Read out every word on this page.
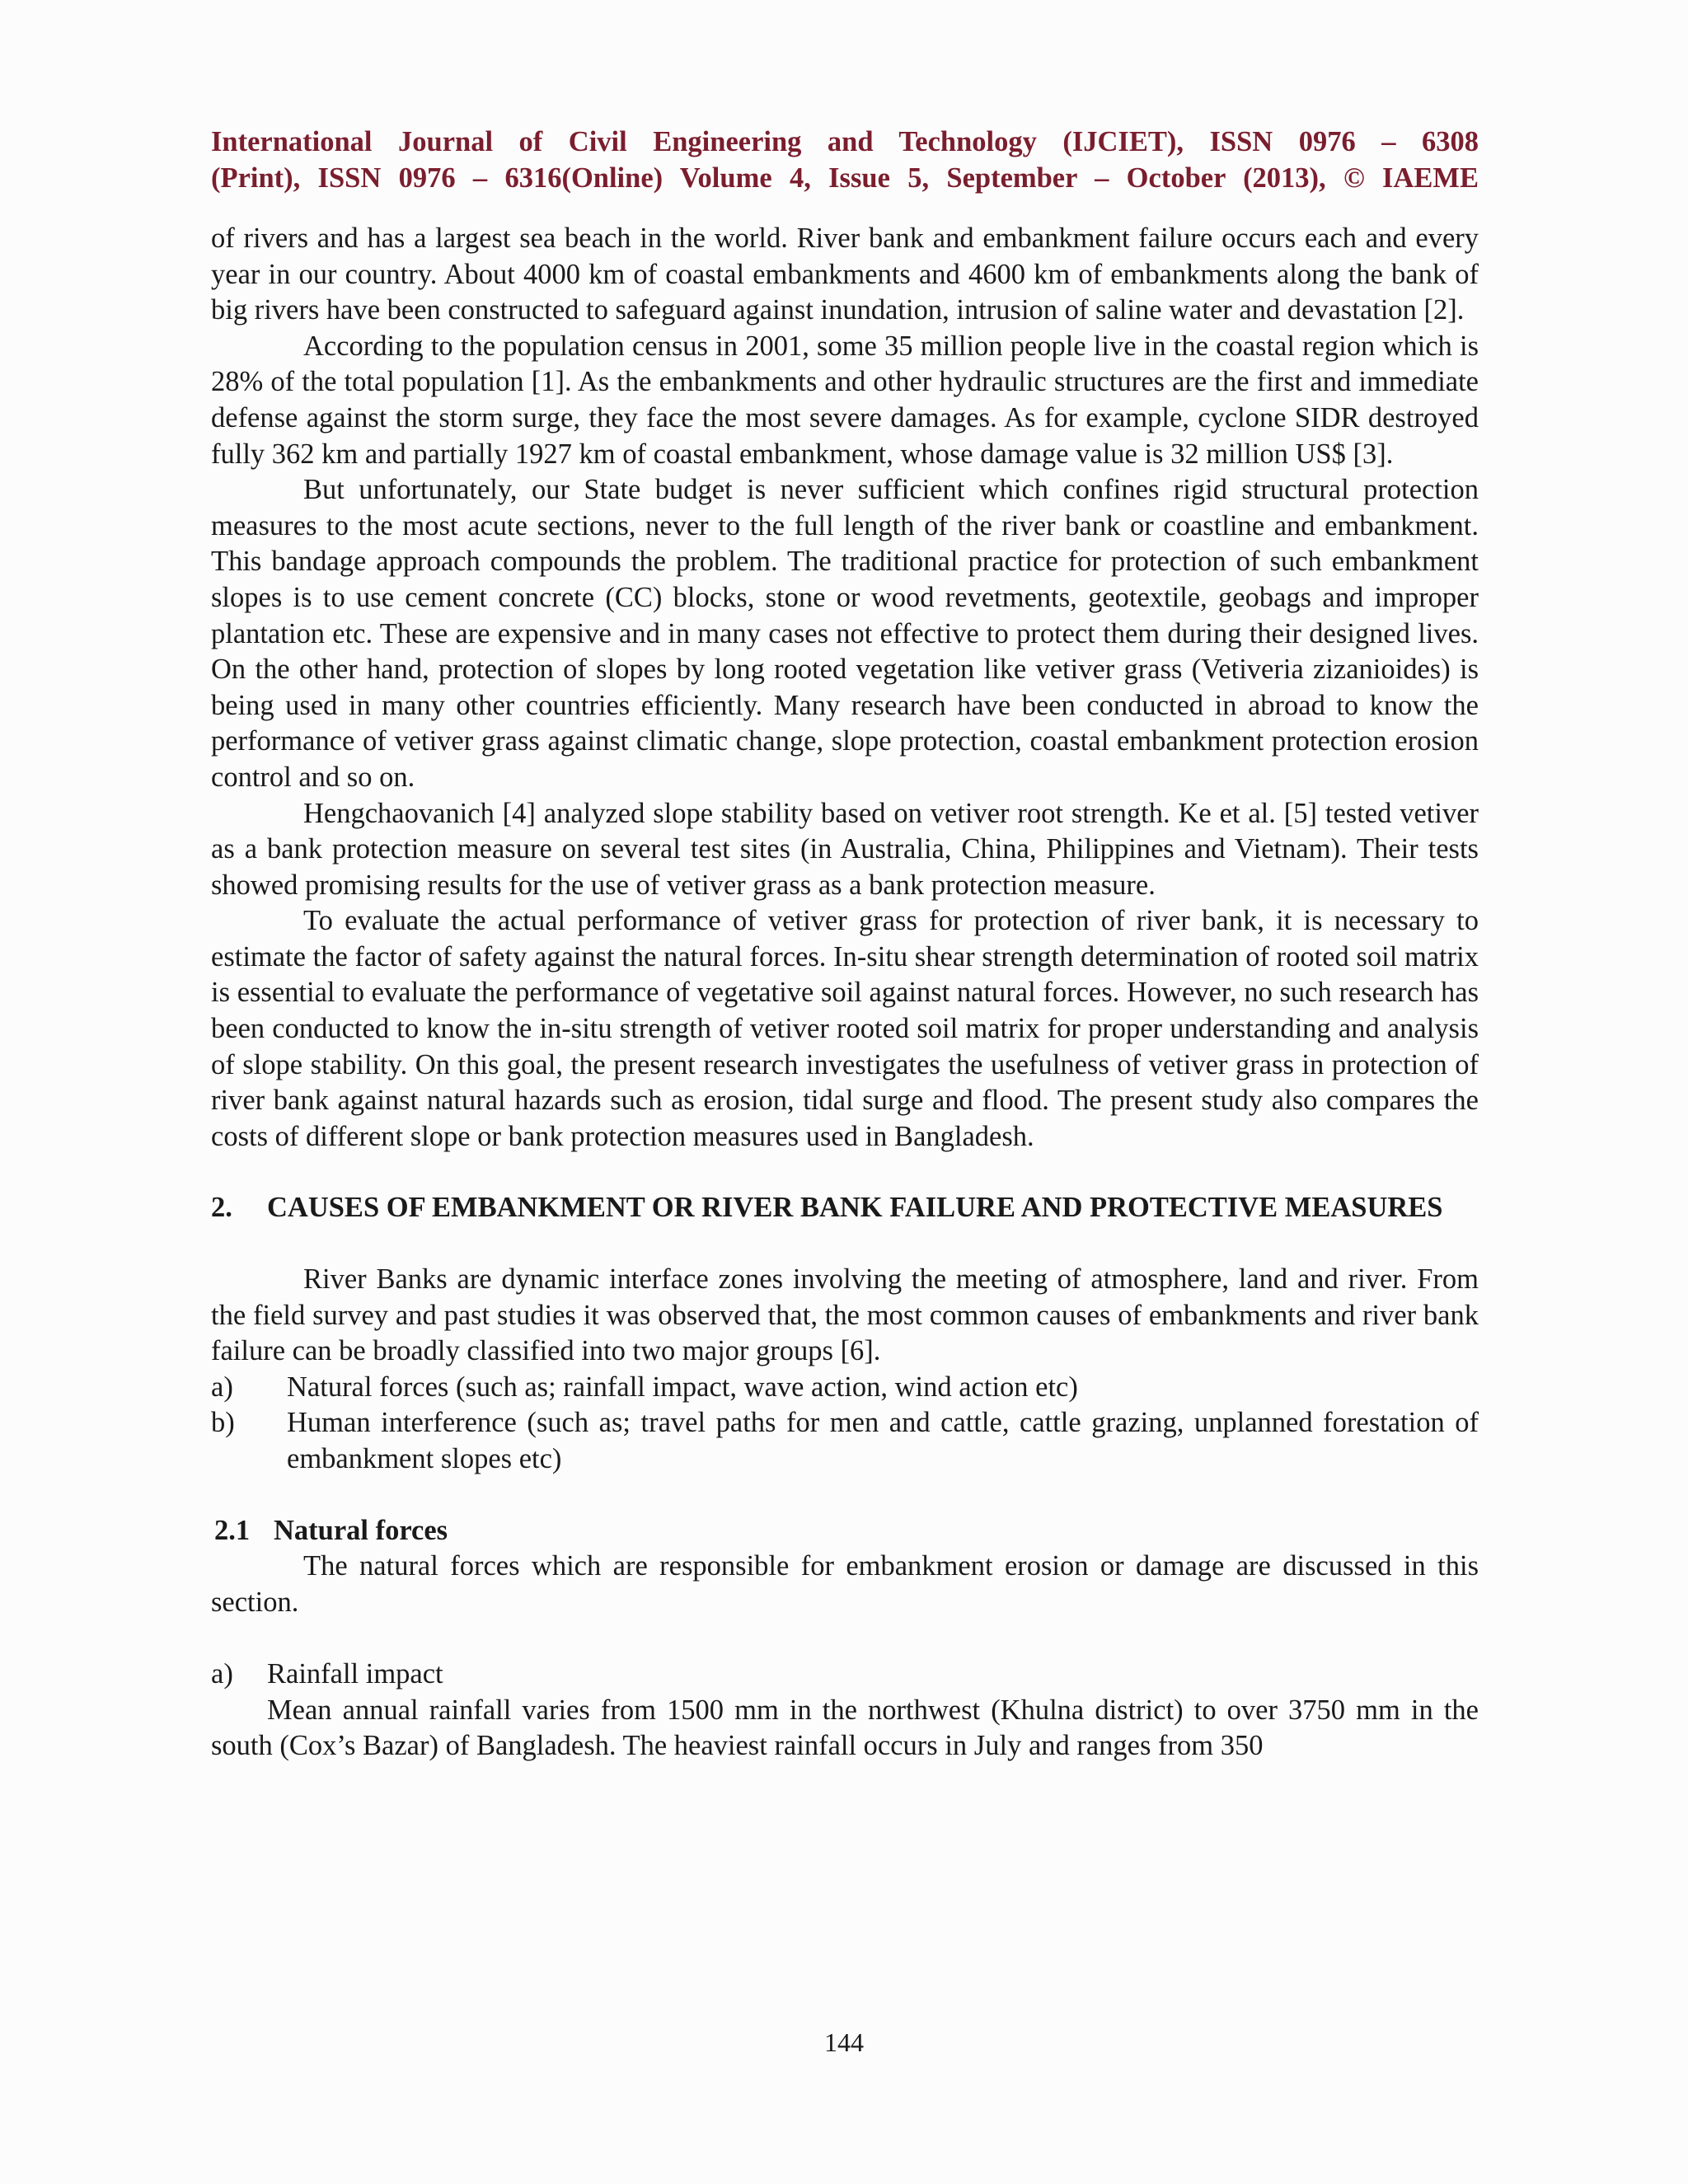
International Journal of Civil Engineering and Technology (IJCIET), ISSN 0976 – 6308
(Print), ISSN 0976 – 6316(Online) Volume 4, Issue 5, September – October (2013), © IAEME

of rivers and has a largest sea beach in the world. River bank and embankment failure occurs each and every year in our country. About 4000 km of coastal embankments and 4600 km of embankments along the bank of big rivers have been constructed to safeguard against inundation, intrusion of saline water and devastation [2].

According to the population census in 2001, some 35 million people live in the coastal region which is 28% of the total population [1]. As the embankments and other hydraulic structures are the first and immediate defense against the storm surge, they face the most severe damages. As for example, cyclone SIDR destroyed fully 362 km and partially 1927 km of coastal embankment, whose damage value is 32 million US$ [3].

But unfortunately, our State budget is never sufficient which confines rigid structural protection measures to the most acute sections, never to the full length of the river bank or coastline and embankment. This bandage approach compounds the problem. The traditional practice for protection of such embankment slopes is to use cement concrete (CC) blocks, stone or wood revetments, geotextile, geobags and improper plantation etc. These are expensive and in many cases not effective to protect them during their designed lives. On the other hand, protection of slopes by long rooted vegetation like vetiver grass (Vetiveria zizanioides) is being used in many other countries efficiently. Many research have been conducted in abroad to know the performance of vetiver grass against climatic change, slope protection, coastal embankment protection erosion control and so on.

Hengchaovanich [4] analyzed slope stability based on vetiver root strength. Ke et al. [5] tested vetiver as a bank protection measure on several test sites (in Australia, China, Philippines and Vietnam). Their tests showed promising results for the use of vetiver grass as a bank protection measure.

To evaluate the actual performance of vetiver grass for protection of river bank, it is necessary to estimate the factor of safety against the natural forces. In-situ shear strength determination of rooted soil matrix is essential to evaluate the performance of vegetative soil against natural forces. However, no such research has been conducted to know the in-situ strength of vetiver rooted soil matrix for proper understanding and analysis of slope stability. On this goal, the present research investigates the usefulness of vetiver grass in protection of river bank against natural hazards such as erosion, tidal surge and flood. The present study also compares the costs of different slope or bank protection measures used in Bangladesh.

2.	CAUSES OF EMBANKMENT OR RIVER BANK FAILURE AND PROTECTIVE MEASURES

River Banks are dynamic interface zones involving the meeting of atmosphere, land and river. From the field survey and past studies it was observed that, the most common causes of embankments and river bank failure can be broadly classified into two major groups [6].

a)	Natural forces (such as; rainfall impact, wave action, wind action etc)
b)	Human interference (such as; travel paths for men and cattle, cattle grazing, unplanned forestation of embankment slopes etc)
2.1 Natural forces

The natural forces which are responsible for embankment erosion or damage are discussed in this section.

a)	Rainfall impact

Mean annual rainfall varies from 1500 mm in the northwest (Khulna district) to over 3750 mm in the south (Cox’s Bazar) of Bangladesh. The heaviest rainfall occurs in July and ranges from 350

144
